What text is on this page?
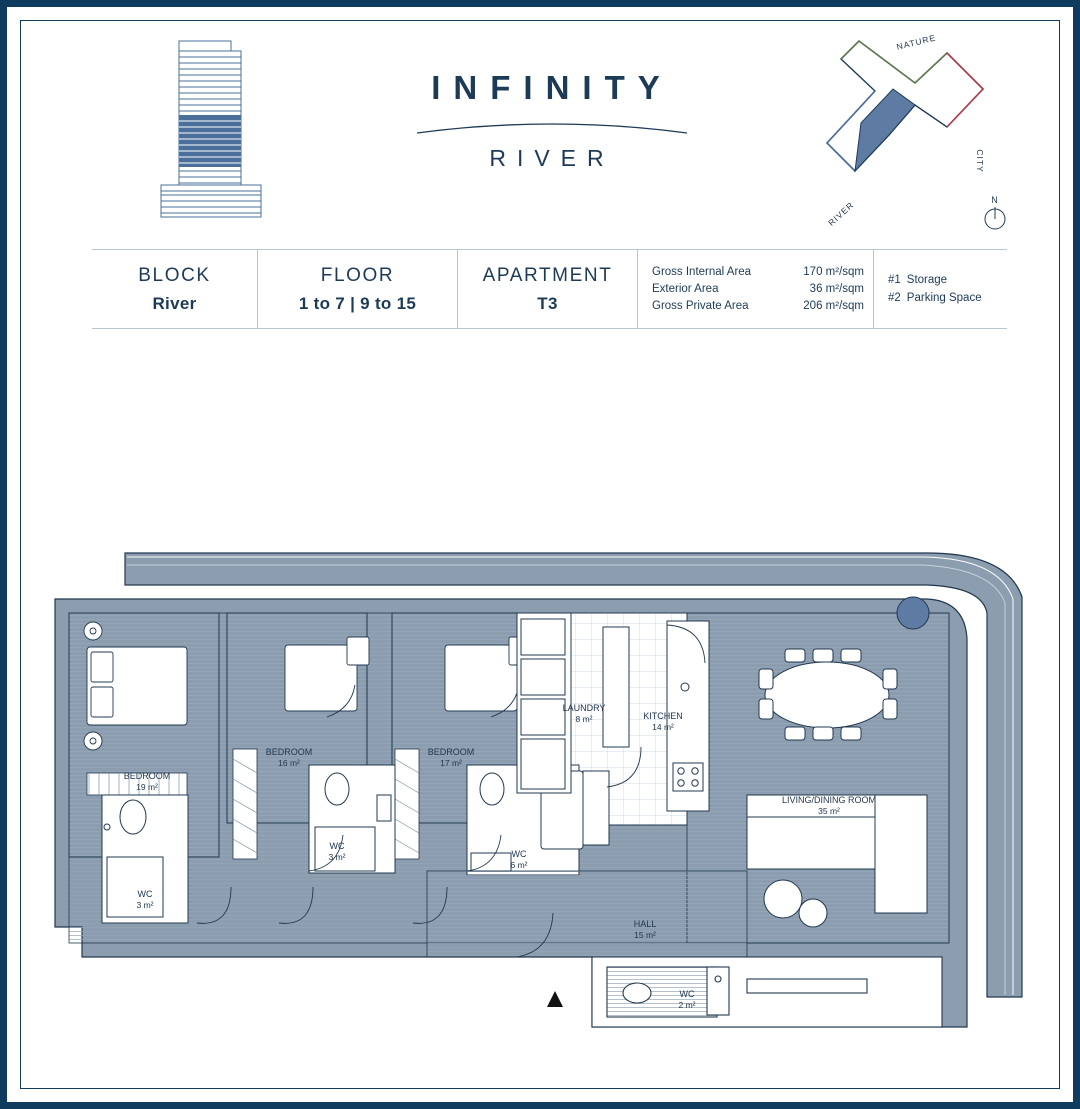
INFINITY
RIVER
NATURE
CITY
RIVER	N
BLOCK
River
FLOOR
1 to 7 | 9 to 15
APARTMENT
T3
Gross Internal Area	170 m²/sqm
Exterior Area	36 m²/sqm
Gross Private Area	206 m²/sqm
#1 Storage
#2 Parking Space
BEDROOM
19 m²
BEDROOM
16 m²
BEDROOM
17 m²
LAUNDRY
8 m²	KITCHEN
14 m²
LIVING/DINING ROOM
35 m²
WC
3 m²
WC
3 m²	WC
6 m²
WC
2 m²
HALL
15 m²
